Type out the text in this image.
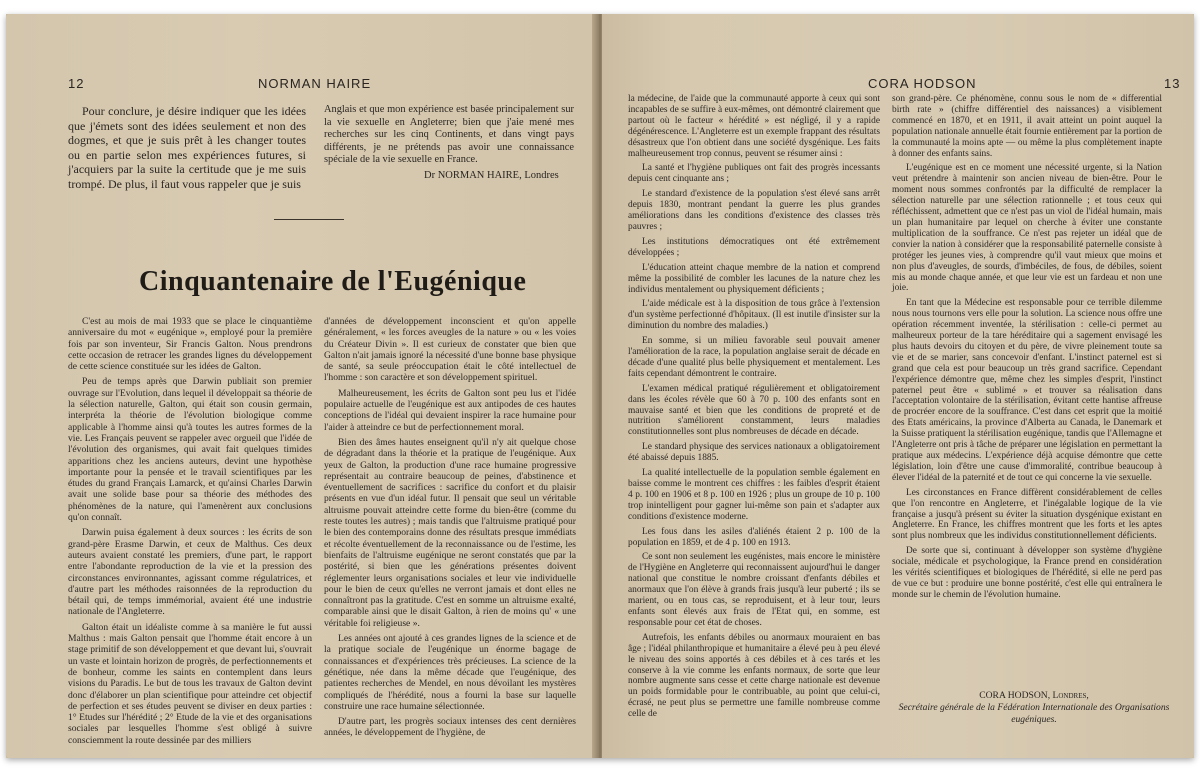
12	NORMAN HAIRE

Pour conclure, je désire indiquer que les idées que j'émets sont des idées seulement et non des dogmes, et que je suis prêt à les changer toutes ou en partie selon mes expériences futures, si j'acquiers par la suite la certitude que je me suis trompé. De plus, il faut vous rappeler que je suis

Anglais et que mon expérience est basée principalement sur la vie sexuelle en Angleterre; bien que j'aie mené mes recherches sur les cinq Continents, et dans vingt pays différents, je ne prétends pas avoir une connaissance spéciale de la vie sexuelle en France.

Dr NORMAN HAIRE, Londres
Cinquantenaire de l'Eugénique

C'est au mois de mai 1933 que se place le cinquantième anniversaire du mot « eugénique », employé pour la première fois par son inventeur, Sir Francis Galton. Nous prendrons cette occasion de retracer les grandes lignes du développement de cette science constituée sur les idées de Galton.

Peu de temps après que Darwin publiait son premier ouvrage sur l'Evolution, dans lequel il développait sa théorie de la sélection naturelle, Galton, qui était son cousin germain, interpréta la théorie de l'évolution biologique comme applicable à l'homme ainsi qu'à toutes les autres formes de la vie. Les Français peuvent se rappeler avec orgueil que l'idée de l'évolution des organismes, qui avait fait quelques timides apparitions chez les anciens auteurs, devint une hypothèse importante pour la pensée et le travail scientifiques par les études du grand Français Lamarck, et qu'ainsi Charles Darwin avait une solide base pour sa théorie des méthodes des phénomènes de la nature, qui l'amenèrent aux conclusions qu'on connaît.

Darwin puisa également à deux sources : les écrits de son grand-père Erasme Darwin, et ceux de Malthus. Ces deux auteurs avaient constaté les premiers, d'une part, le rapport entre l'abondante reproduction de la vie et la pression des circonstances environnantes, agissant comme régulatrices, et d'autre part les méthodes raisonnées de la reproduction du bétail qui, de temps immémorial, avaient été une industrie nationale de l'Angleterre.

Galton était un idéaliste comme à sa manière le fut aussi Malthus : mais Galton pensait que l'homme était encore à un stage primitif de son développement et que devant lui, s'ouvrait un vaste et lointain horizon de progrès, de perfectionnements et de bonheur, comme les saints en contemplent dans leurs visions du Paradis. Le but de tous les travaux de Galton devint donc d'élaborer un plan scientifique pour atteindre cet objectif de perfection et ses études peuvent se diviser en deux parties : 1° Etudes sur l'hérédité ; 2° Etude de la vie et des organisations sociales par lesquelles l'homme s'est obligé à suivre consciemment la route dessinée par des milliers

d'années de développement inconscient et qu'on appelle généralement, « les forces aveugles de la nature » ou « les voies du Créateur Divin ». Il est curieux de constater que bien que Galton n'ait jamais ignoré la nécessité d'une bonne base physique de santé, sa seule préoccupation était le côté intellectuel de l'homme : son caractère et son développement spirituel.

Malheureusement, les écrits de Galton sont peu lus et l'idée populaire actuelle de l'eugénique est aux antipodes de ces hautes conceptions de l'idéal qui devaient inspirer la race humaine pour l'aider à atteindre ce but de perfectionnement moral.

Bien des âmes hautes enseignent qu'il n'y ait quelque chose de dégradant dans la théorie et la pratique de l'eugénique. Aux yeux de Galton, la production d'une race humaine progressive représentait au contraire beaucoup de peines, d'abstinence et éventuellement de sacrifices : sacrifice du confort et du plaisir présents en vue d'un idéal futur. Il pensait que seul un véritable altruisme pouvait atteindre cette forme du bien-être (comme du reste toutes les autres) ; mais tandis que l'altruisme pratiqué pour le bien des contemporains donne des résultats presque immédiats et récolte éventuellement de la reconnaissance ou de l'estime, les bienfaits de l'altruisme eugénique ne seront constatés que par la postérité, si bien que les générations présentes doivent réglementer leurs organisations sociales et leur vie individuelle pour le bien de ceux qu'elles ne verront jamais et dont elles ne connaîtront pas la gratitude. C'est en somme un altruisme exalté, comparable ainsi que le disait Galton, à rien de moins qu' « une véritable foi religieuse ».

Les années ont ajouté à ces grandes lignes de la science et de la pratique sociale de l'eugénique un énorme bagage de connaissances et d'expériences très précieuses. La science de la génétique, née dans la même décade que l'eugénique, des patientes recherches de Mendel, en nous dévoilant les mystères compliqués de l'hérédité, nous a fourni la base sur laquelle construire une race humaine sélectionnée.

D'autre part, les progrès sociaux intenses des cent dernières années, le développement de l'hygiène, de

CORA HODSON	13

la médecine, de l'aide que la communauté apporte à ceux qui sont incapables de se suffire à eux-mêmes, ont démontré clairement que partout où le facteur « hérédité » est négligé, il y a rapide dégénérescence. L'Angleterre est un exemple frappant des résultats désastreux que l'on obtient dans une société dysgénique. Les faits malheureusement trop connus, peuvent se résumer ainsi :

La santé et l'hygiène publiques ont fait des progrès incessants depuis cent cinquante ans ;

Le standard d'existence de la population s'est élevé sans arrêt depuis 1830, montrant pendant la guerre les plus grandes améliorations dans les conditions d'existence des classes très pauvres ;

Les institutions démocratiques ont été extrêmement développées ;

L'éducation atteint chaque membre de la nation et comprend même la possibilité de combler les lacunes de la nature chez les individus mentalement ou physiquement déficients ;

L'aide médicale est à la disposition de tous grâce à l'extension d'un système perfectionné d'hôpitaux. (Il est inutile d'insister sur la diminution du nombre des maladies.)

En somme, si un milieu favorable seul pouvait amener l'amélioration de la race, la population anglaise serait de décade en décade d'une qualité plus belle physiquement et mentalement. Les faits cependant démontrent le contraire.

L'examen médical pratiqué régulièrement et obligatoirement dans les écoles révèle que 60 à 70 p. 100 des enfants sont en mauvaise santé et bien que les conditions de propreté et de nutrition s'améliorent constamment, leurs maladies constitutionnelles sont plus nombreuses de décade en décade.

Le standard physique des services nationaux a obligatoirement été abaissé depuis 1885.

La qualité intellectuelle de la population semble également en baisse comme le montrent ces chiffres : les faibles d'esprit étaient 4 p. 100 en 1906 et 8 p. 100 en 1926 ; plus un groupe de 10 p. 100 trop inintelligent pour gagner lui-même son pain et s'adapter aux conditions d'existence moderne.

Les fous dans les asiles d'aliénés étaient 2 p. 100 de la population en 1859, et de 4 p. 100 en 1913.

Ce sont non seulement les eugénistes, mais encore le ministère de l'Hygiène en Angleterre qui reconnaissent aujourd'hui le danger national que constitue le nombre croissant d'enfants débiles et anormaux que l'on élève à grands frais jusqu'à leur puberté ; ils se marient, ou en tous cas, se reproduisent, et à leur tour, leurs enfants sont élevés aux frais de l'Etat qui, en somme, est responsable pour cet état de choses.

Autrefois, les enfants débiles ou anormaux mouraient en bas âge ; l'idéal philanthropique et humanitaire a élevé peu à peu élevé le niveau des soins apportés à ces débiles et à ces tarés et les conserve à la vie comme les enfants normaux, de sorte que leur nombre augmente sans cesse et cette charge nationale est devenue un poids formidable pour le contribuable, au point que celui-ci, écrasé, ne peut plus se permettre une famille nombreuse comme celle de

son grand-père. Ce phénomène, connu sous le nom de « differential birth rate » (chiffre différentiel des naissances) a visiblement commencé en 1870, et en 1911, il avait atteint un point auquel la population nationale annuelle était fournie entièrement par la portion de la communauté la moins apte — ou même la plus complètement inapte à donner des enfants sains.

L'eugénique est en ce moment une nécessité urgente, si la Nation veut prétendre à maintenir son ancien niveau de bien-être. Pour le moment nous sommes confrontés par la difficulté de remplacer la sélection naturelle par une sélection rationnelle ; et tous ceux qui réfléchissent, admettent que ce n'est pas un viol de l'idéal humain, mais un plan humanitaire par lequel on cherche à éviter une constante multiplication de la souffrance. Ce n'est pas rejeter un idéal que de convier la nation à considérer que la responsabilité paternelle consiste à protéger les jeunes vies, à comprendre qu'il vaut mieux que moins et non plus d'aveugles, de sourds, d'imbéciles, de fous, de débiles, soient mis au monde chaque année, et que leur vie est un fardeau et non une joie.

En tant que la Médecine est responsable pour ce terrible dilemme nous nous tournons vers elle pour la solution. La science nous offre une opération récemment inventée, la stérilisation : celle-ci permet au malheureux porteur de la tare héréditaire qui a sagement envisagé les plus hauts devoirs du citoyen et du père, de vivre pleinement toute sa vie et de se marier, sans concevoir d'enfant. L'instinct paternel est si grand que cela est pour beaucoup un très grand sacrifice. Cependant l'expérience démontre que, même chez les simples d'esprit, l'instinct paternel peut être « sublimé » et trouver sa réalisation dans l'acceptation volontaire de la stérilisation, évitant cette hantise affreuse de procréer encore de la souffrance. C'est dans cet esprit que la moitié des Etats américains, la province d'Alberta au Canada, le Danemark et la Suisse pratiquent la stérilisation eugénique, tandis que l'Allemagne et l'Angleterre ont pris à tâche de préparer une législation en permettant la pratique aux médecins. L'expérience déjà acquise démontre que cette législation, loin d'être une cause d'immoralité, contribue beaucoup à élever l'idéal de la paternité et de tout ce qui concerne la vie sexuelle.

Les circonstances en France diffèrent considérablement de celles que l'on rencontre en Angleterre, et l'inégalable logique de la vie française a jusqu'à présent su éviter la situation dysgénique existant en Angleterre. En France, les chiffres montrent que les forts et les aptes sont plus nombreux que les individus constitutionnellement déficients.

De sorte que si, continuant à développer son système d'hygiène sociale, médicale et psychologique, la France prend en considération les vérités scientifiques et biologiques de l'hérédité, si elle ne perd pas de vue ce but : produire une bonne postérité, c'est elle qui entraînera le monde sur le chemin de l'évolution humaine.

CORA HODSON, Londres,
Secrétaire générale de la Fédération Internationale des Organisations eugéniques.
